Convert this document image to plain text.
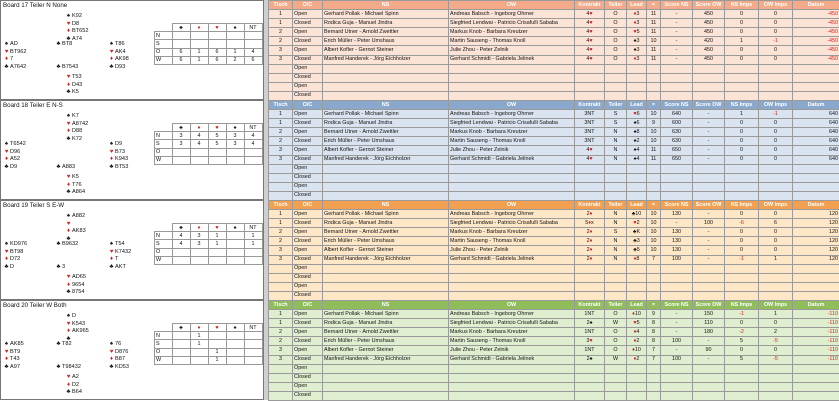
Board 17 Teiler N None
♠ K92
♥ D8
♦ BT652
♣ A74
♠ AD
♥ BT962
♦ 7
♣ A7642
♣ BT8
♣ B7543
♠ T86
♥ AK4
♦ AK98
♣ D93
♥ T53
♦ D43
♣ K5
	♣	♦	♥	♠	NT
N					
S					
O	6	1	6	1	4
W	6	1	6	2	6
Tisch	O/C	NS	OW	Kontrakt	Teiler	Lead	=	Score NS	Score OW	NS Imps	OW Imps	Datum
1	Open	Gerhard Pollak - Michael Spinn	Andreas Babsch - Ingeborg Ohrner	4♥	O	♦3	11	-	450	0	0	-450
1	Closed	Rodica Guja - Manuel Jindra	Siegfried Lendwai - Patricio Crisafulli Sababa	4♥	O	♦3	11	-	450	0	0	-450
2	Open	Bernard Utner - Arnold Zwettler	Markus Knob - Barbara Kreutzer	4♥	O	♥5	11	-	450	0	0	-450
2	Closed	Erich Müller - Peter Umshaus	Martin Sauseng - Thomas Knoll	4♥	O	♠3	10	-	420	1	-1	-450
3	Open	Albert Kofler - Gernot Steiner	Julie Zhou - Peter Zelnik	4♥	O	♠3	11	-	450	0	0	-450
3	Closed	Manfred Handerek - Jörg Eichholzer	Gerhard Schmidt - Gabriela Jelinek	4♥	O	♦3	11	-	450	0	0	-450
	Open											
	Closed											
	Open											
	Closed											
Board 18 Teiler E N-S
♠ K7
♥ A8742
♦ D88
♣ K72
♠ T6542
♥ D96
♦ A52
♣ D9	♣ A883
♠ D9
♥ B73
♦ K943
♣ BT53
♥ K5
♦ T76
♣ A864
	♣	♦	♥	♠	NT
N	3	4	5	3	4
S	3	4	5	3	4
O					
W					
Tisch	O/C	NS	OW	Kontrakt	Teiler	Lead	=	Score NS	Score OW	NS Imps	OW Imps	Datum
1	Open	Gerhard Pollak - Michael Spinn	Andreas Babsch - Ingeborg Ohrner	3NT	S	♥6	10	640	-	1	-1	640
1	Closed	Rodica Guja - Manuel Jindra	Siegfried Lendwai - Patricio Crisafulli Sababa	3NT	S	♠6	9	600	-	0	0	640
2	Open	Bernard Utner - Arnold Zwettler	Markus Knob - Barbara Kreutzer	3NT	N	♠8	10	630	-	0	0	640
2	Closed	Erich Müller - Peter Umshaus	Martin Sauseng - Thomas Knoll	3NT	N	♠2	10	630	-	0	0	640
3	Open	Albert Kofler - Gernot Steiner	Julie Zhou - Peter Zelnik	4♥	N	♠4	11	650	-	0	0	640
3	Closed	Manfred Handerek - Jörg Eichholzer	Gerhard Schmidt - Gabriela Jelinek	4♥	N	♠4	11	650	-	0	0	640
	Open											
	Closed											
	Open											
	Closed											
Board 19 Teiler S E-W
♠ A882
♥
♦ AK83
♣
♠ KD976
♥ BT98
♦ D72
♣ D
♣ B9632
♣ 3
♠ T54
♥ K7432
♦ T
♣ AKT
♥ AD65
♦ 9654
♣ 8754
	♣	♦	♥	♠	NT
N	4	3	1		1
S	4	3	1		1
O					
W					
Tisch	O/C	NS	OW	Kontrakt	Teiler	Lead	=	Score NS	Score OW	NS Imps	OW Imps	Datum
1	Open	Gerhard Pollak - Michael Spinn	Andreas Babsch - Ingeborg Ohrner	2♦	N	♣10	10	130	-	0	0	120
1	Closed	Rodica Guja - Manuel Jindra	Siegfried Lendwai - Patricio Crisafulli Sababa	5♦x	N	♥2	10	-	100	-6	6	120
2	Open	Bernard Utner - Arnold Zwettler	Markus Knob - Barbara Kreutzer	2♦	S	♣K	10	130	-	0	0	120
2	Closed	Erich Müller - Peter Umshaus	Martin Sauseng - Thomas Knoll	2♦	N	♣3	10	130	-	0	0	120
3	Open	Albert Kofler - Gernot Steiner	Julie Zhou - Peter Zelnik	2♦	N	♣5	10	130	-	0	0	120
3	Closed	Manfred Handerek - Jörg Eichholzer	Gerhard Schmidt - Gabriela Jelinek	2♦	N	♦8	7	100	-	-1	1	120
	Open											
	Closed											
	Open											
	Closed											
Board 20 Teiler W Both
♠ D
♥ K543
♦ AK965
♣
♠ AK85
♥ BT9
♦ T43
♣ A97
♣ T82
♣ T98432
♠ 76
♥ D876
♦ B87
♣ KD53
♥ A2
♦ D2
♣ B64
	♣	♦	♥	♠	NT
N		1			
S		1			
O			1		
W			1		
Tisch	O/C	NS	OW	Kontrakt	Teiler	Lead	=	Score NS	Score OW	NS Imps	OW Imps	Datum
1	Open	Gerhard Pollak - Michael Spinn	Andreas Babsch - Ingeborg Ohrner	1NT	O	♦10	9	-	150	-1	1	-110
1	Closed	Rodica Guja - Manuel Jindra	Siegfried Lendwai - Patricio Crisafulli Sababa	2♠	W	♥5	8	-	110	0	0	-110
2	Open	Bernard Utner - Arnold Zwettler	Markus Knob - Barbara Kreutzer	1NT	O	♦4	8	-	180	-2	2	-110
2	Closed	Erich Müller - Peter Umshaus	Martin Sauseng - Thomas Knoll	3♥	O	♦2	8	100	-	5	-5	-110
3	Open	Albert Kofler - Gernot Steiner	Julie Zhou - Peter Zelnik	1NT	O	♦10	7	-	90	0	0	-110
3	Closed	Manfred Handerek - Jörg Eichholzer	Gerhard Schmidt - Gabriela Jelinek	2♠	W	♦2	7	100	-	5	-5	-110
	Open											
	Closed											
	Open											
	Closed											
